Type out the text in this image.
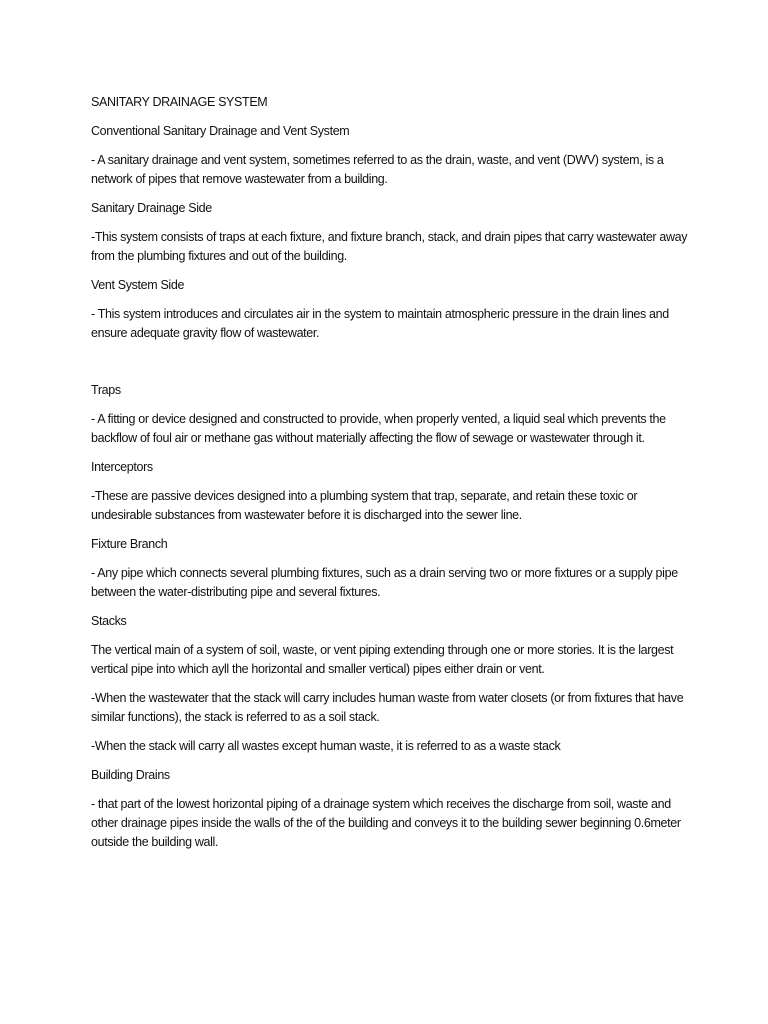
SANITARY DRAINAGE SYSTEM

Conventional Sanitary Drainage and Vent System

- A sanitary drainage and vent system, sometimes referred to as the drain, waste, and vent (DWV) system, is a network of pipes that remove wastewater from a building.

Sanitary Drainage Side

-This system consists of traps at each fixture, and fixture branch, stack, and drain pipes that carry wastewater away from the plumbing fixtures and out of the building.

Vent System Side

- This system introduces and circulates air in the system to maintain atmospheric pressure in the drain lines and ensure adequate gravity flow of wastewater.

Traps

- A fitting or device designed and constructed to provide, when properly vented, a liquid seal which prevents the backflow of foul air or methane gas without materially affecting the flow of sewage or wastewater through it.

Interceptors

-These are passive devices designed into a plumbing system that trap, separate, and retain these toxic or undesirable substances from wastewater before it is discharged into the sewer line.

Fixture Branch

- Any pipe which connects several plumbing fixtures, such as a drain serving two or more fixtures or a supply pipe between the water-distributing pipe and several fixtures.

Stacks

The vertical main of a system of soil, waste, or vent piping extending through one or more stories. It is the largest vertical pipe into which ayll the horizontal and smaller vertical) pipes either drain or vent.

-When the wastewater that the stack will carry includes human waste from water closets (or from fixtures that have similar functions), the stack is referred to as a soil stack.

-When the stack will carry all wastes except human waste, it is referred to as a waste stack

Building Drains

- that part of the lowest horizontal piping of a drainage system which receives the discharge from soil, waste and other drainage pipes inside the walls of the of the building and conveys it to the building sewer beginning 0.6meter outside the building wall.
